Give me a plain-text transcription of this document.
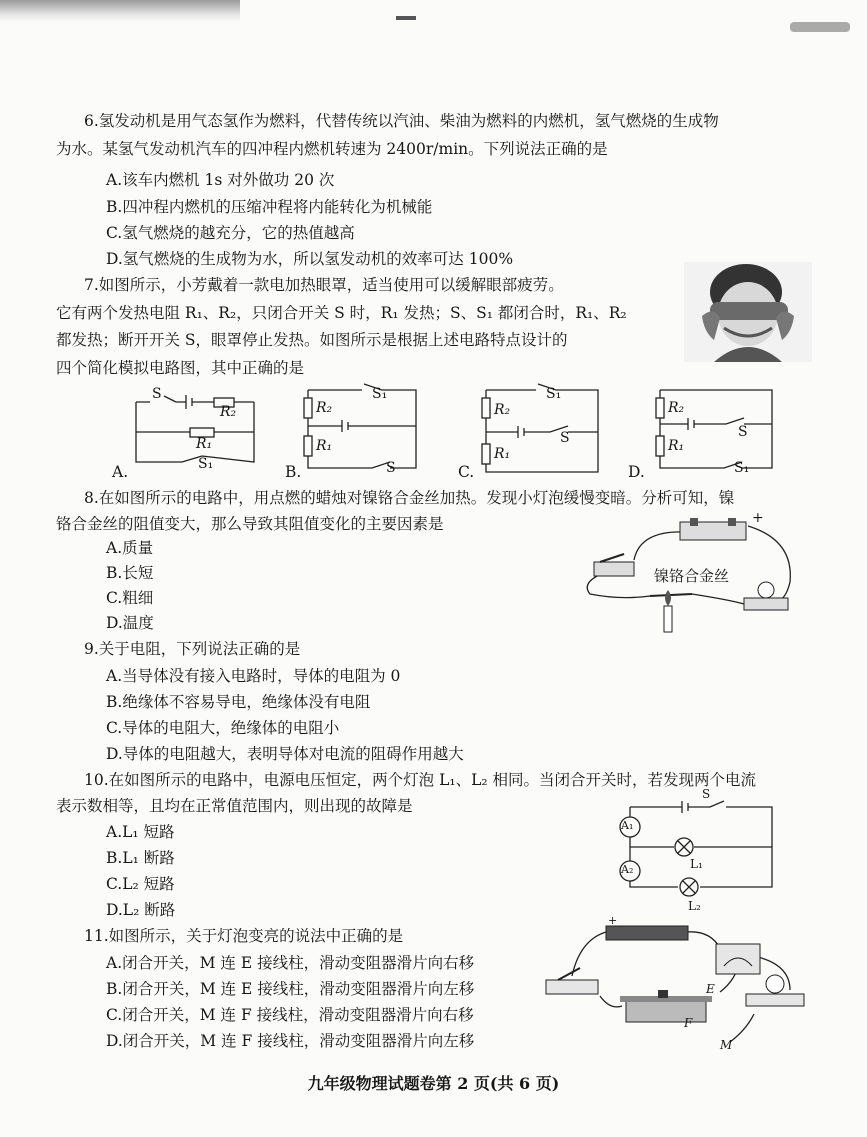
6.氢发动机是用气态氢作为燃料，代替传统以汽油、柴油为燃料的内燃机，氢气燃烧的生成物
为水。某氢气发动机汽车的四冲程内燃机转速为 2400r/min。下列说法正确的是
A.该车内燃机 1s 对外做功 20 次
B.四冲程内燃机的压缩冲程将内能转化为机械能
C.氢气燃烧的越充分，它的热值越高
D.氢气燃烧的生成物为水，所以氢发动机的效率可达 100%
7.如图所示，小芳戴着一款电加热眼罩，适当使用可以缓解眼部疲劳。
它有两个发热电阻 R₁、R₂，只闭合开关 S 时，R₁ 发热；S、S₁ 都闭合时，R₁、R₂
都发热；断开开关 S，眼罩停止发热。如图所示是根据上述电路特点设计的
四个简化模拟电路图，其中正确的是
S
R₂
R₁
S₁
A.
R₂
R₁
S₁
S
B.
R₂
R₁
S₁
S
C.
R₂
R₁
S
S₁
D.
8.在如图所示的电路中，用点燃的蜡烛对镍铬合金丝加热。发现小灯泡缓慢变暗。分析可知，镍
铬合金丝的阻值变大，那么导致其阻值变化的主要因素是
A.质量
B.长短
C.粗细
D.温度
镍铬合金丝
+
9.关于电阻，下列说法正确的是
A.当导体没有接入电路时，导体的电阻为 0
B.绝缘体不容易导电，绝缘体没有电阻
C.导体的电阻大，绝缘体的电阻小
D.导体的电阻越大，表明导体对电流的阻碍作用越大
10.在如图所示的电路中，电源电压恒定，两个灯泡 L₁、L₂ 相同。当闭合开关时，若发现两个电流
表示数相等，且均在正常值范围内，则出现的故障是
A.L₁ 短路
B.L₁ 断路
C.L₂ 短路
D.L₂ 断路
A₁
A₂
S
L₁
L₂
11.如图所示，关于灯泡变亮的说法中正确的是
A.闭合开关，M 连 E 接线柱，滑动变阻器滑片向右移
B.闭合开关，M 连 E 接线柱，滑动变阻器滑片向左移
C.闭合开关，M 连 F 接线柱，滑动变阻器滑片向右移
D.闭合开关，M 连 F 接线柱，滑动变阻器滑片向左移
+
E
F
M
九年级物理试题卷第 2 页(共 6 页)
